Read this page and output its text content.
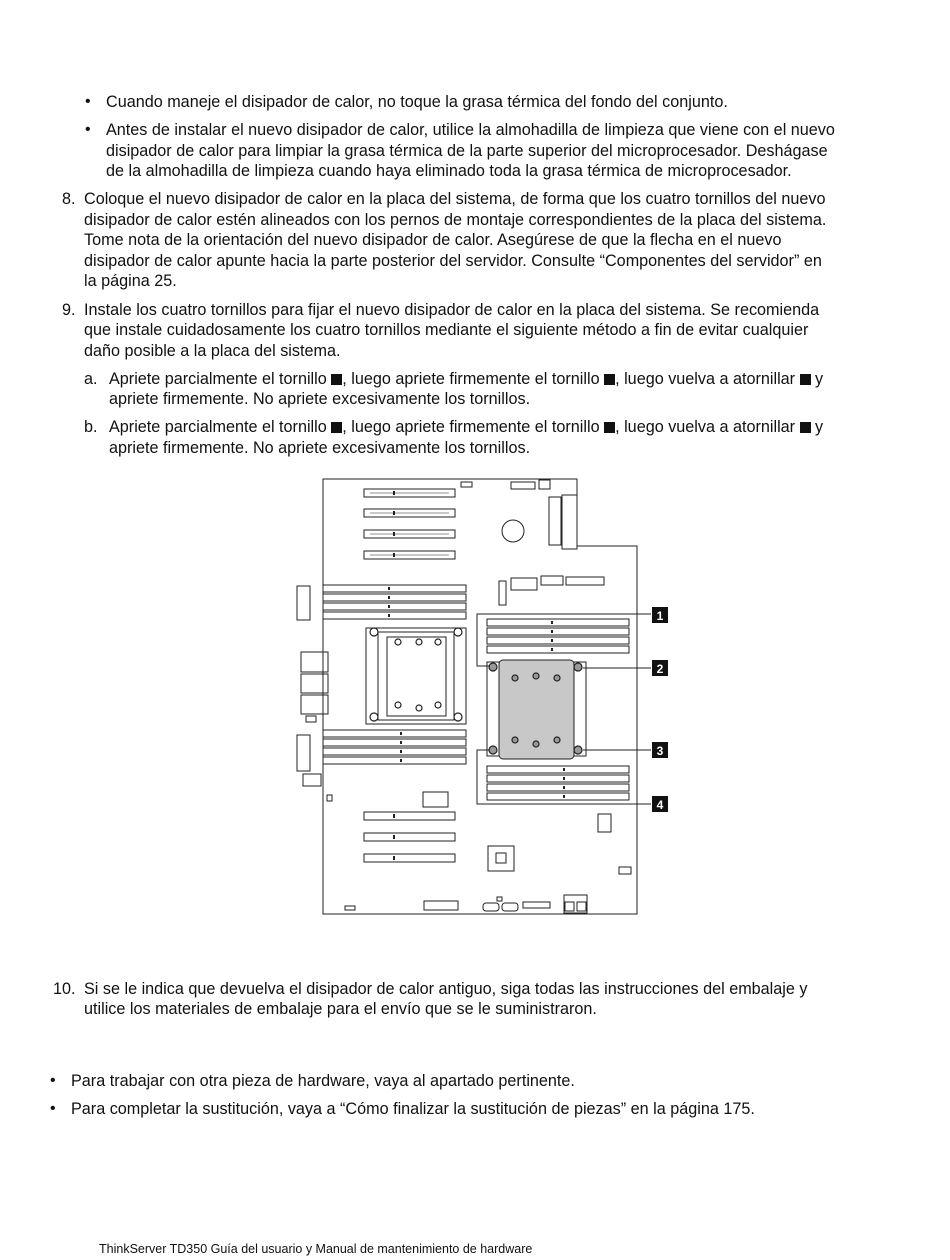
• Cuando maneje el disipador de calor, no toque la grasa térmica del fondo del conjunto.
• Antes de instalar el nuevo disipador de calor, utilice la almohadilla de limpieza que viene con el nuevo
disipador de calor para limpiar la grasa térmica de la parte superior del microprocesador. Deshágase
de la almohadilla de limpieza cuando haya eliminado toda la grasa térmica de microprocesador.
8. Coloque el nuevo disipador de calor en la placa del sistema, de forma que los cuatro tornillos del nuevo
disipador de calor estén alineados con los pernos de montaje correspondientes de la placa del sistema.
Tome nota de la orientación del nuevo disipador de calor. Asegúrese de que la flecha en el nuevo
disipador de calor apunte hacia la parte posterior del servidor. Consulte “Componentes del servidor” en
la página 25.
9. Instale los cuatro tornillos para fijar el nuevo disipador de calor en la placa del sistema. Se recomienda
que instale cuidadosamente los cuatro tornillos mediante el siguiente método a fin de evitar cualquier
daño posible a la placa del sistema.
a. Apriete parcialmente el tornillo , luego apriete firmemente el tornillo , luego vuelva a atornillar  y
apriete firmemente. No apriete excesivamente los tornillos.
b. Apriete parcialmente el tornillo , luego apriete firmemente el tornillo , luego vuelva a atornillar  y
apriete firmemente. No apriete excesivamente los tornillos.
1
2
3
4
10. Si se le indica que devuelva el disipador de calor antiguo, siga todas las instrucciones del embalaje y
utilice los materiales de embalaje para el envío que se le suministraron.
• Para trabajar con otra pieza de hardware, vaya al apartado pertinente.
• Para completar la sustitución, vaya a “Cómo finalizar la sustitución de piezas” en la página 175.
ThinkServer TD350 Guía del usuario y Manual de mantenimiento de hardware
